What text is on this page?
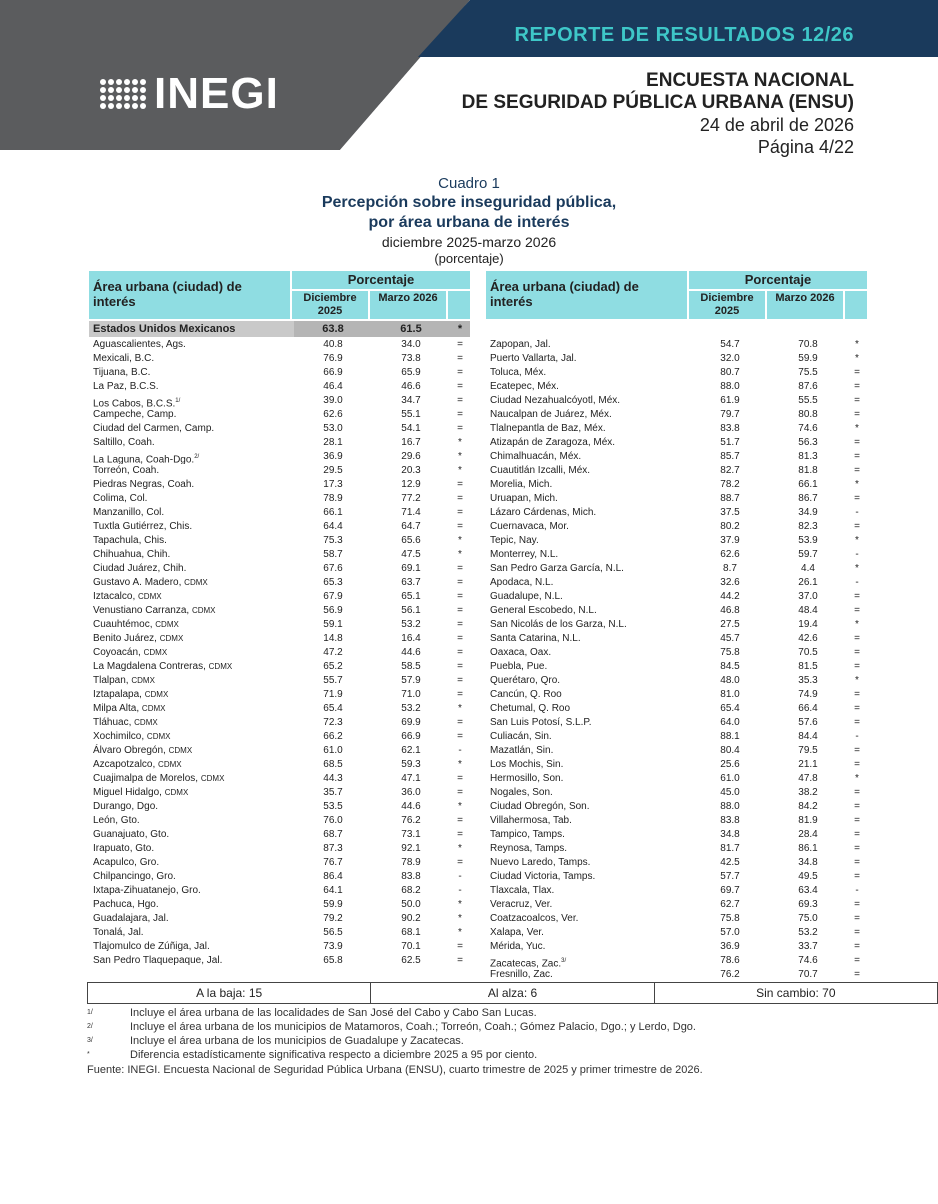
REPORTE DE RESULTADOS 12/26
INEGI	ENCUESTA NACIONAL
DE SEGURIDAD PÚBLICA URBANA (ENSU)
24 de abril de 2026
Página 4/22
Cuadro 1
Percepción sobre inseguridad pública,
por área urbana de interés
diciembre 2025-marzo 2026
(porcentaje)
Área urbana (ciudad) de interés
Porcentaje
Diciembre 2025
Marzo 2026
Estados Unidos Mexicanos	63.8	61.5	*
Aguascalientes, Ags.	40.8	34.0	=
Mexicali, B.C.	76.9	73.8	=
Tijuana, B.C.	66.9	65.9	=
La Paz, B.C.S.	46.4	46.6	=
Los Cabos, B.C.S.$^{1/}$	39.0	34.7	=
Campeche, Camp.	62.6	55.1	=
Ciudad del Carmen, Camp.	53.0	54.1	=
Saltillo, Coah.	28.1	16.7	*
La Laguna, Coah-Dgo.$^{2/}$	36.9	29.6	*
Torreón, Coah.	29.5	20.3	*
Piedras Negras, Coah.	17.3	12.9	=
Colima, Col.	78.9	77.2	=
Manzanillo, Col.	66.1	71.4	=
Tuxtla Gutiérrez, Chis.	64.4	64.7	=
Tapachula, Chis.	75.3	65.6	*
Chihuahua, Chih.	58.7	47.5	*
Ciudad Juárez, Chih.	67.6	69.1	=
Gustavo A. Madero, CDMX	65.3	63.7	=
Iztacalco, CDMX	67.9	65.1	=
Venustiano Carranza, CDMX	56.9	56.1	=
Cuauhtémoc, CDMX	59.1	53.2	=
Benito Juárez, CDMX	14.8	16.4	=
Coyoacán, CDMX	47.2	44.6	=
La Magdalena Contreras, CDMX	65.2	58.5	=
Tlalpan, CDMX	55.7	57.9	=
Iztapalapa, CDMX	71.9	71.0	=
Milpa Alta, CDMX	65.4	53.2	*
Tláhuac, CDMX	72.3	69.9	=
Xochimilco, CDMX	66.2	66.9	=
Álvaro Obregón, CDMX	61.0	62.1	-
Azcapotzalco, CDMX	68.5	59.3	*
Cuajimalpa de Morelos, CDMX	44.3	47.1	=
Miguel Hidalgo, CDMX	35.7	36.0	=
Durango, Dgo.	53.5	44.6	*
León, Gto.	76.0	76.2	=
Guanajuato, Gto.	68.7	73.1	=
Irapuato, Gto.	87.3	92.1	*
Acapulco, Gro.	76.7	78.9	=
Chilpancingo, Gro.	86.4	83.8	-
Ixtapa-Zihuatanejo, Gro.	64.1	68.2	-
Pachuca, Hgo.	59.9	50.0	*
Guadalajara, Jal.	79.2	90.2	*
Tonalá, Jal.	56.5	68.1	*
Tlajomulco de Zúñiga, Jal.	73.9	70.1	=
San Pedro Tlaquepaque, Jal.	65.8	62.5	=
Área urbana (ciudad) de interés
Porcentaje
Diciembre 2025
Marzo 2026
Zapopan, Jal.	54.7	70.8	*
Puerto Vallarta, Jal.	32.0	59.9	*
Toluca, Méx.	80.7	75.5	=
Ecatepec, Méx.	88.0	87.6	=
Ciudad Nezahualcóyotl, Méx.	61.9	55.5	=
Naucalpan de Juárez, Méx.	79.7	80.8	=
Tlalnepantla de Baz, Méx.	83.8	74.6	*
Atizapán de Zaragoza, Méx.	51.7	56.3	=
Chimalhuacán, Méx.	85.7	81.3	=
Cuautitlán Izcalli, Méx.	82.7	81.8	=
Morelia, Mich.	78.2	66.1	*
Uruapan, Mich.	88.7	86.7	=
Lázaro Cárdenas, Mich.	37.5	34.9	-
Cuernavaca, Mor.	80.2	82.3	=
Tepic, Nay.	37.9	53.9	*
Monterrey, N.L.	62.6	59.7	-
San Pedro Garza García, N.L.	8.7	4.4	*
Apodaca, N.L.	32.6	26.1	-
Guadalupe, N.L.	44.2	37.0	=
General Escobedo, N.L.	46.8	48.4	=
San Nicolás de los Garza, N.L.	27.5	19.4	*
Santa Catarina, N.L.	45.7	42.6	=
Oaxaca, Oax.	75.8	70.5	=
Puebla, Pue.	84.5	81.5	=
Querétaro, Qro.	48.0	35.3	*
Cancún, Q. Roo	81.0	74.9	=
Chetumal, Q. Roo	65.4	66.4	=
San Luis Potosí, S.L.P.	64.0	57.6	=
Culiacán, Sin.	88.1	84.4	-
Mazatlán, Sin.	80.4	79.5	=
Los Mochis, Sin.	25.6	21.1	=
Hermosillo, Son.	61.0	47.8	*
Nogales, Son.	45.0	38.2	=
Ciudad Obregón, Son.	88.0	84.2	=
Villahermosa, Tab.	83.8	81.9	=
Tampico, Tamps.	34.8	28.4	=
Reynosa, Tamps.	81.7	86.1	=
Nuevo Laredo, Tamps.	42.5	34.8	=
Ciudad Victoria, Tamps.	57.7	49.5	=
Tlaxcala, Tlax.	69.7	63.4	-
Veracruz, Ver.	62.7	69.3	=
Coatzacoalcos, Ver.	75.8	75.0	=
Xalapa, Ver.	57.0	53.2	=
Mérida, Yuc.	36.9	33.7	=
Zacatecas, Zac.$^{3/}$	78.6	74.6	=
Fresnillo, Zac.	76.2	70.7	=
A la baja: 15	Al alza: 6	Sin cambio: 70
1/	Incluye el área urbana de las localidades de San José del Cabo y Cabo San Lucas.
2/	Incluye el área urbana de los municipios de Matamoros, Coah.; Torreón, Coah.; Gómez Palacio, Dgo.; y Lerdo, Dgo.
3/	Incluye el área urbana de los municipios de Guadalupe y Zacatecas.
*	Diferencia estadísticamente significativa respecto a diciembre 2025 a 95 por ciento.
Fuente: INEGI. Encuesta Nacional de Seguridad Pública Urbana (ENSU), cuarto trimestre de 2025 y primer trimestre de 2026.
